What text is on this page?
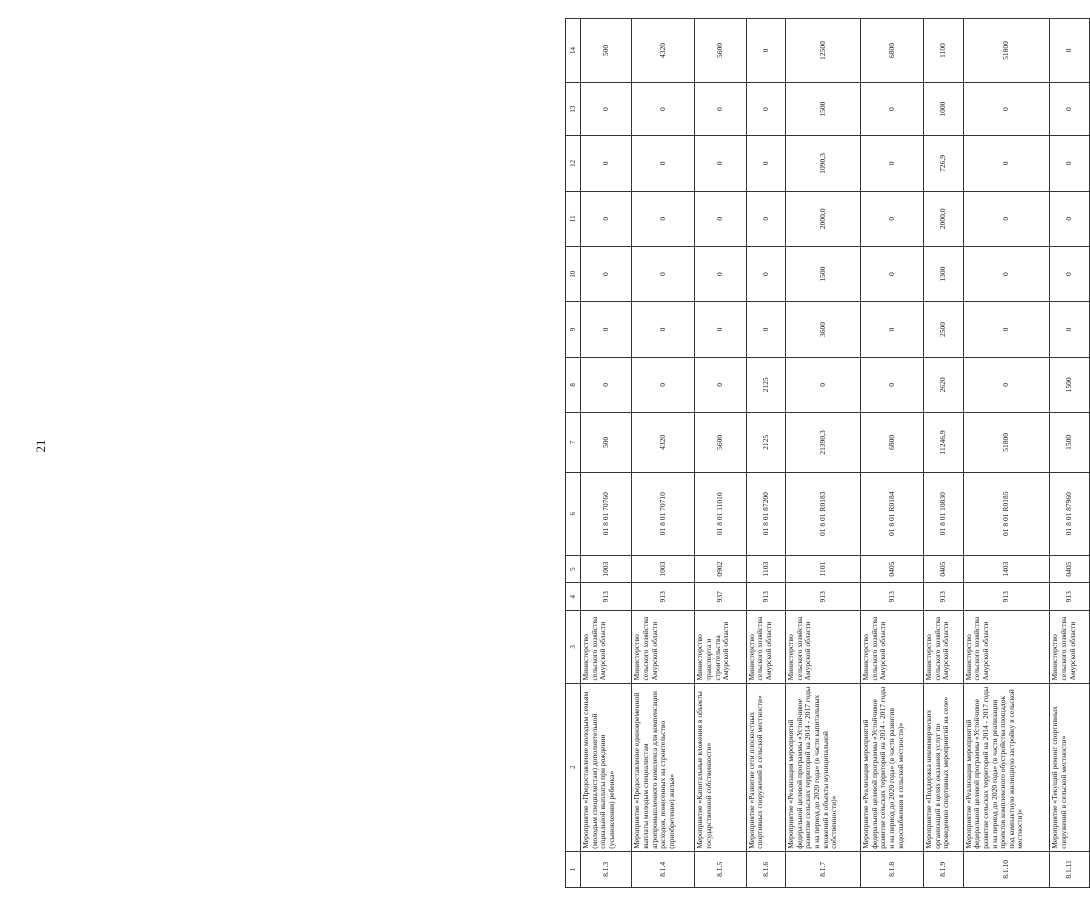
21
1	2	3	4	5	6	7	8	9	10	11	12	13	14
8.1.3	Мероприятие «Предоставление молодым семьям (молодым специалистам) дополнительной социальной выплаты при рождении (усыновлении) ребенка»	Министерство сельского хозяйства Амурской области	913	1003	01 8 01 70760	500	0	0	0	0	0	0	500
8.1.4	Мероприятие «Предоставление единовременной выплаты молодым специалистам агропромышленного комплекса для компенсации расходов, понесенных на строительство (приобретение) жилья»	Министерство сельского хозяйства Амурской области	913	1003	01 8 01 70710	4320	0	0	0	0	0	0	4320
8.1.5	Мероприятие «Капитальные вложения в объекты государственной собственности»	Министерство транспорта и строительства Амурской области	937	0902	01 8 01 11010	5600	0	0	0	0	0	0	5600
8.1.6	Мероприятие «Развитие сети плоскостных спортивных сооружений в сельской местности»	Министерство сельского хозяйства Амурской области	913	1103	01 8 01 87200	2125	2125	0	0	0	0	0	0
8.1.7	Мероприятие «Реализация мероприятий федеральной целевой программы «Устойчивое развитие сельских территорий на 2014 - 2017 годы и на период до 2020 года» (в части капитальных вложений в объекты муниципальной собственности)»	Министерство сельского хозяйства Амурской области	913	1101	01 8 01 R0183	21390,3	0	3600	1500	2000,0	1090,3	1500	12500
8.1.8	Мероприятие «Реализация мероприятий федеральной целевой программы «Устойчивое развитие сельских территорий на 2014 - 2017 годы и на период до 2020 года» (в части развития водоснабжения в сельской местности)»	Министерство сельского хозяйства Амурской области	913	0405	01 8 01 R0184	6800	0	0	0	0	0	0	6800
8.1.9	Мероприятие «Поддержка некоммерческих организаций в целях оказания услуг по проведению спортивных мероприятий на селе»	Министерство сельского хозяйства Амурской области	913	0405	01 8 01 10830	11246,9	2620	2500	1300	2000,0	726,9	1000	1100
8.1.10	Мероприятие «Реализация мероприятий федеральной целевой программы «Устойчивое развитие сельских территорий на 2014 - 2017 годы и на период до 2020 года» (в части реализации проектов комплексного обустройства площадок под компактную жилищную застройку в сельской местности)»	Министерство сельского хозяйства Амурской области	913	1403	01 8 01 R0185	51800	0	0	0	0	0	0	51800
8.1.11	Мероприятие «Текущий ремонт спортивных сооружений в сельской местности»	Министерство сельского хозяйства Амурской области	913	0405	01 8 01 87960	1500	1500	0	0	0	0	0	0
